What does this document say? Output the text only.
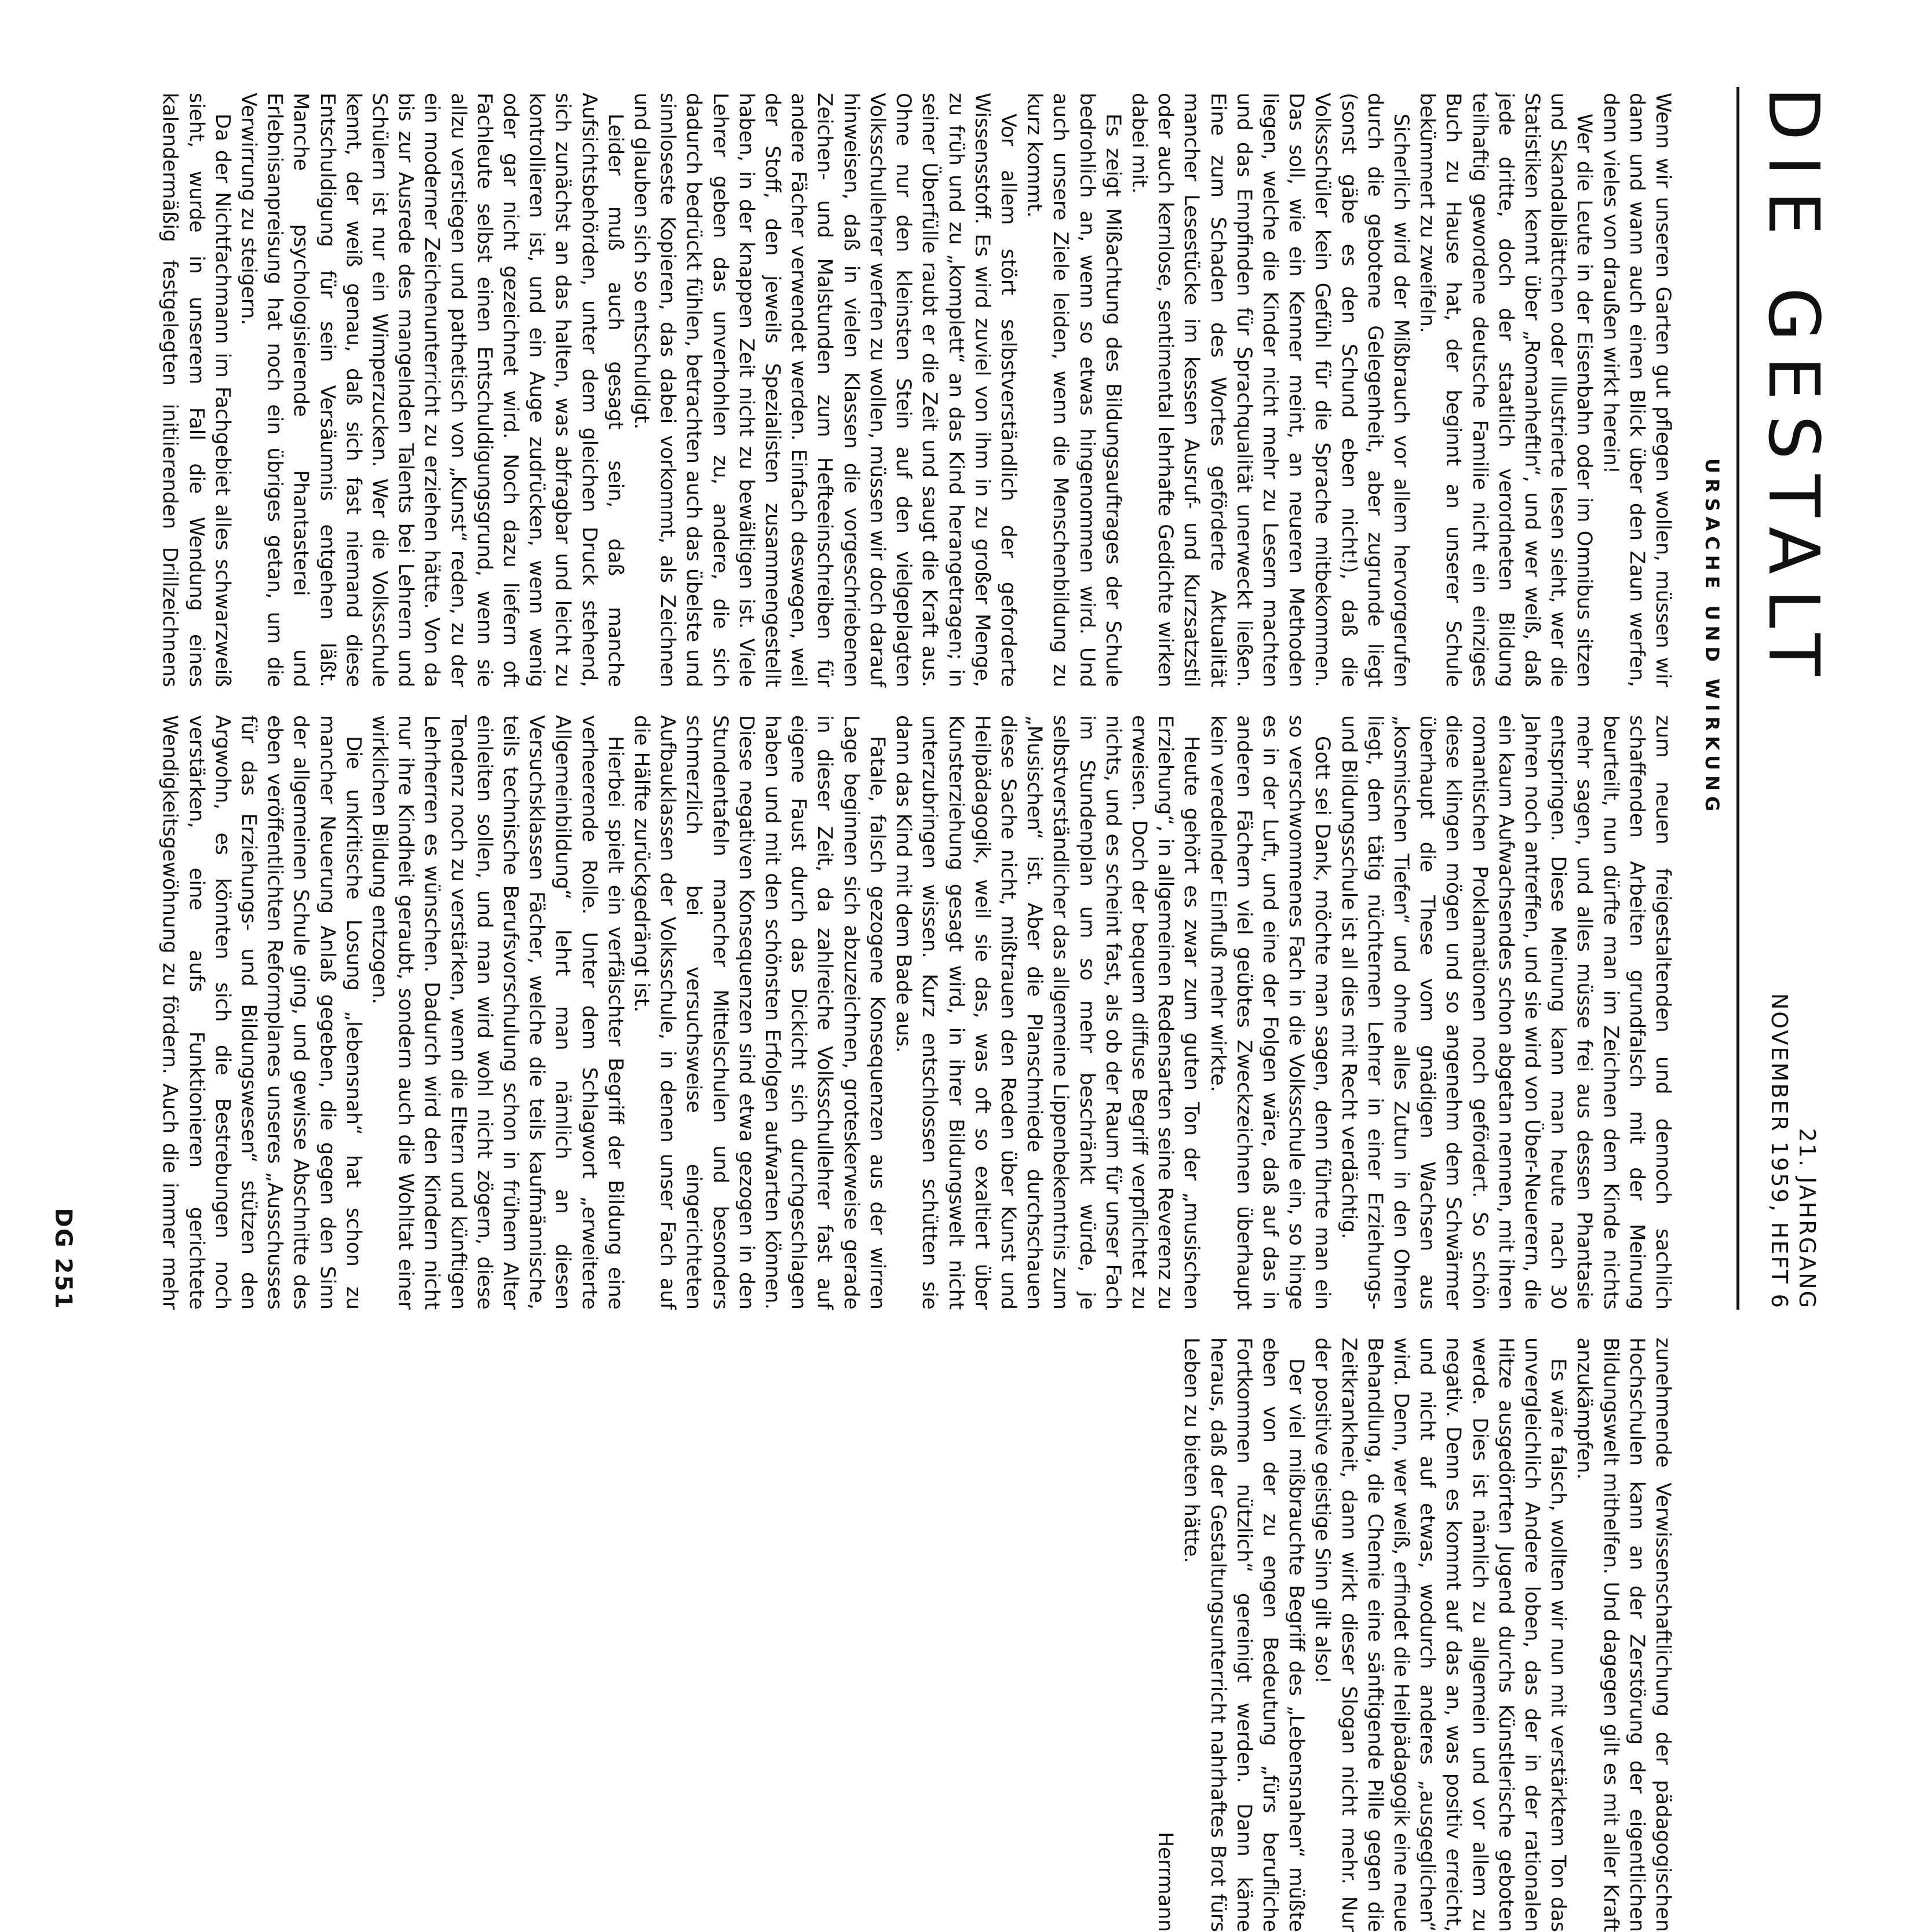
DIE GESTALT
21. JAHRGANG
NOVEMBER 1959, HEFT 6
URSACHE UND WIRKUNG

Wenn wir unseren Garten gut pflegen wollen, müssen wir dann und wann auch einen Blick über den Zaun werfen, denn vieles von draußen wirkt herein!

Wer die Leute in der Eisenbahn oder im Omnibus sitzen und Skandalblättchen oder Illustrierte lesen sieht, wer die Statistiken kennt über „Romanheftln“, und wer weiß, daß jede dritte, doch der staatlich verordneten Bildung teilhaftig gewordene deutsche Familie nicht ein einziges Buch zu Hause hat, der beginnt an unserer Schule bekümmert zu zweifeln.

Sicherlich wird der Mißbrauch vor allem hervorgerufen durch die gebotene Gelegenheit, aber zugrunde liegt (sonst gäbe es den Schund eben nicht!), daß die Volksschüler kein Gefühl für die Sprache mitbekommen. Das soll, wie ein Kenner meint, an neueren Methoden liegen, welche die Kinder nicht mehr zu Lesern machten und das Empfinden für Sprachqualität unerweckt ließen. Eine zum Schaden des Wortes geförderte Aktualität mancher Lesestücke im kessen Ausruf- und Kurzsatzstil oder auch kernlose, sentimental lehrhafte Gedichte wirken dabei mit.

Es zeigt Mißachtung des Bildungsauftrages der Schule bedrohlich an, wenn so etwas hingenommen wird. Und auch unsere Ziele leiden, wenn die Menschenbildung zu kurz kommt.

Vor allem stört selbstverständlich der geforderte Wissensstoff. Es wird zuviel von ihm in zu großer Menge, zu früh und zu „komplett“ an das Kind herangetragen; in seiner Überfülle raubt er die Zeit und saugt die Kraft aus. Ohne nur den kleinsten Stein auf den vielgeplagten Volksschullehrer werfen zu wollen, müssen wir doch darauf hinweisen, daß in vielen Klassen die vorgeschriebenen Zeichen- und Malstunden zum Hefteeinschreiben für andere Fächer verwendet werden. Einfach deswegen, weil der Stoff, den jeweils Spezialisten zusammengestellt haben, in der knappen Zeit nicht zu bewältigen ist. Viele Lehrer geben das unverhohlen zu, andere, die sich dadurch bedrückt fühlen, betrachten auch das übelste und sinnloseste Kopieren, das dabei vorkommt, als Zeichnen und glauben sich so entschuldigt.

Leider muß auch gesagt sein, daß manche Aufsichtsbehörden, unter dem gleichen Druck stehend, sich zunächst an das halten, was abfragbar und leicht zu kontrollieren ist, und ein Auge zudrücken, wenn wenig oder gar nicht gezeichnet wird. Noch dazu liefern oft Fachleute selbst einen Entschuldigungsgrund, wenn sie allzu verstiegen und pathetisch von „Kunst“ reden, zu der ein moderner Zeichenunterricht zu erziehen hätte. Von da bis zur Ausrede des mangelnden Talents bei Lehrern und Schülern ist nur ein Wimperzucken. Wer die Volksschule kennt, der weiß genau, daß sich fast niemand diese Entschuldigung für sein Versäumnis entgehen läßt. Manche psychologisierende Phantasterei und Erlebnisanpreisung hat noch ein übriges getan, um die Verwirrung zu steigern.

Da der Nichtfachmann im Fachgebiet alles schwarzweiß sieht, wurde in unserem Fall die Wendung eines kalendermäßig festgelegten initiierenden Drillzeichnens zum neuen freigestaltenden und dennoch sachlich schaffenden Arbeiten grundfalsch mit der Meinung beurteilt, nun dürfte man im Zeichnen dem Kinde nichts mehr sagen, und alles müsse frei aus dessen Phantasie entspringen. Diese Meinung kann man heute nach 30 Jahren noch antreffen, und sie wird von Über-Neuerern, die ein kaum Aufwachsendes schon abgetan nennen, mit ihren romantischen Proklamationen noch gefördert. So schön diese klingen mögen und so angenehm dem Schwärmer überhaupt die These vom gnädigen Wachsen aus „kosmischen Tiefen“ und ohne alles Zutun in den Ohren liegt, dem tätig nüchternen Lehrer in einer Erziehungs- und Bildungsschule ist all dies mit Recht verdächtig.

Gott sei Dank, möchte man sagen, denn führte man ein so verschwommenes Fach in die Volksschule ein, so hinge es in der Luft, und eine der Folgen wäre, daß auf das in anderen Fächern viel geübtes Zweckzeichnen überhaupt kein veredelnder Einfluß mehr wirkte.

Heute gehört es zwar zum guten Ton der „musischen Erziehung“, in allgemeinen Redensarten seine Reverenz zu erweisen. Doch der bequem diffuse Begriff verpflichtet zu nichts, und es scheint fast, als ob der Raum für unser Fach im Stundenplan um so mehr beschränkt würde, je selbstverständlicher das allgemeine Lippenbekenntnis zum „Musischen“ ist. Aber die Planschmiede durchschauen diese Sache nicht, mißtrauen den Reden über Kunst und Heilpädagogik, weil sie das, was oft so exaltiert über Kunsterziehung gesagt wird, in ihrer Bildungswelt nicht unterzubringen wissen. Kurz entschlossen schütten sie dann das Kind mit dem Bade aus.

Fatale, falsch gezogene Konsequenzen aus der wirren Lage beginnen sich abzuzeichnen, groteskerweise gerade in dieser Zeit, da zahlreiche Volksschullehrer fast auf eigene Faust durch das Dickicht sich durchgeschlagen haben und mit den schönsten Erfolgen aufwarten können. Diese negativen Konsequenzen sind etwa gezogen in den Stundentafeln mancher Mittelschulen und besonders schmerzlich bei versuchsweise eingerichteten Aufbauklassen der Volksschule, in denen unser Fach auf die Hälfte zurückgedrängt ist.

Hierbei spielt ein verfälschter Begriff der Bildung eine verheerende Rolle. Unter dem Schlagwort „erweiterte Allgemeinbildung“ lehrt man nämlich an diesen Versuchsklassen Fächer, welche die teils kaufmännische, teils technische Berufsvorschulung schon in frühem Alter einleiten sollen, und man wird wohl nicht zögern, diese Tendenz noch zu verstärken, wenn die Eltern und künftigen Lehrherren es wünschen. Dadurch wird den Kindern nicht nur ihre Kindheit geraubt, sondern auch die Wohltat einer wirklichen Bildung entzogen.

Die unkritische Losung „lebensnah“ hat schon zu mancher Neuerung Anlaß gegeben, die gegen den Sinn der allgemeinen Schule ging, und gewisse Abschnitte des eben veröffentlichten Reformplanes unseres „Ausschusses für das Erziehungs- und Bildungswesen“ stützen den Argwohn, es könnten sich die Bestrebungen noch verstärken, eine aufs Funktionieren gerichtete Wendigkeitsgewöhnung zu fördern. Auch die immer mehr zunehmende Verwissenschaftlichung der pädagogischen Hochschulen kann an der Zerstörung der eigentlichen Bildungswelt mithelfen. Und dagegen gilt es mit aller Kraft anzukämpfen.

Es wäre falsch, wollten wir nun mit verstärktem Ton das unvergleichlich Andere loben, das der in der rationalen Hitze ausgedörrten Jugend durchs Künstlerische geboten werde. Dies ist nämlich zu allgemein und vor allem zu negativ. Denn es kommt auf das an, was positiv erreicht, und nicht auf etwas, wodurch anderes „ausgeglichen“ wird. Denn, wer weiß, erfindet die Heilpädagogik eine neue Behandlung, die Chemie eine sänftigende Pille gegen die Zeitkrankheit, dann wirkt dieser Slogan nicht mehr. Nur der positive geistige Sinn gilt also!

Der viel mißbrauchte Begriff des „Lebensnahen“ müßte eben von der zu engen Bedeutung „fürs berufliche Fortkommen nützlich“ gereinigt werden. Dann käme heraus, daß der Gestaltungsunterricht nahrhaftes Brot fürs Leben zu bieten hätte.

Herrmann

DG 251
